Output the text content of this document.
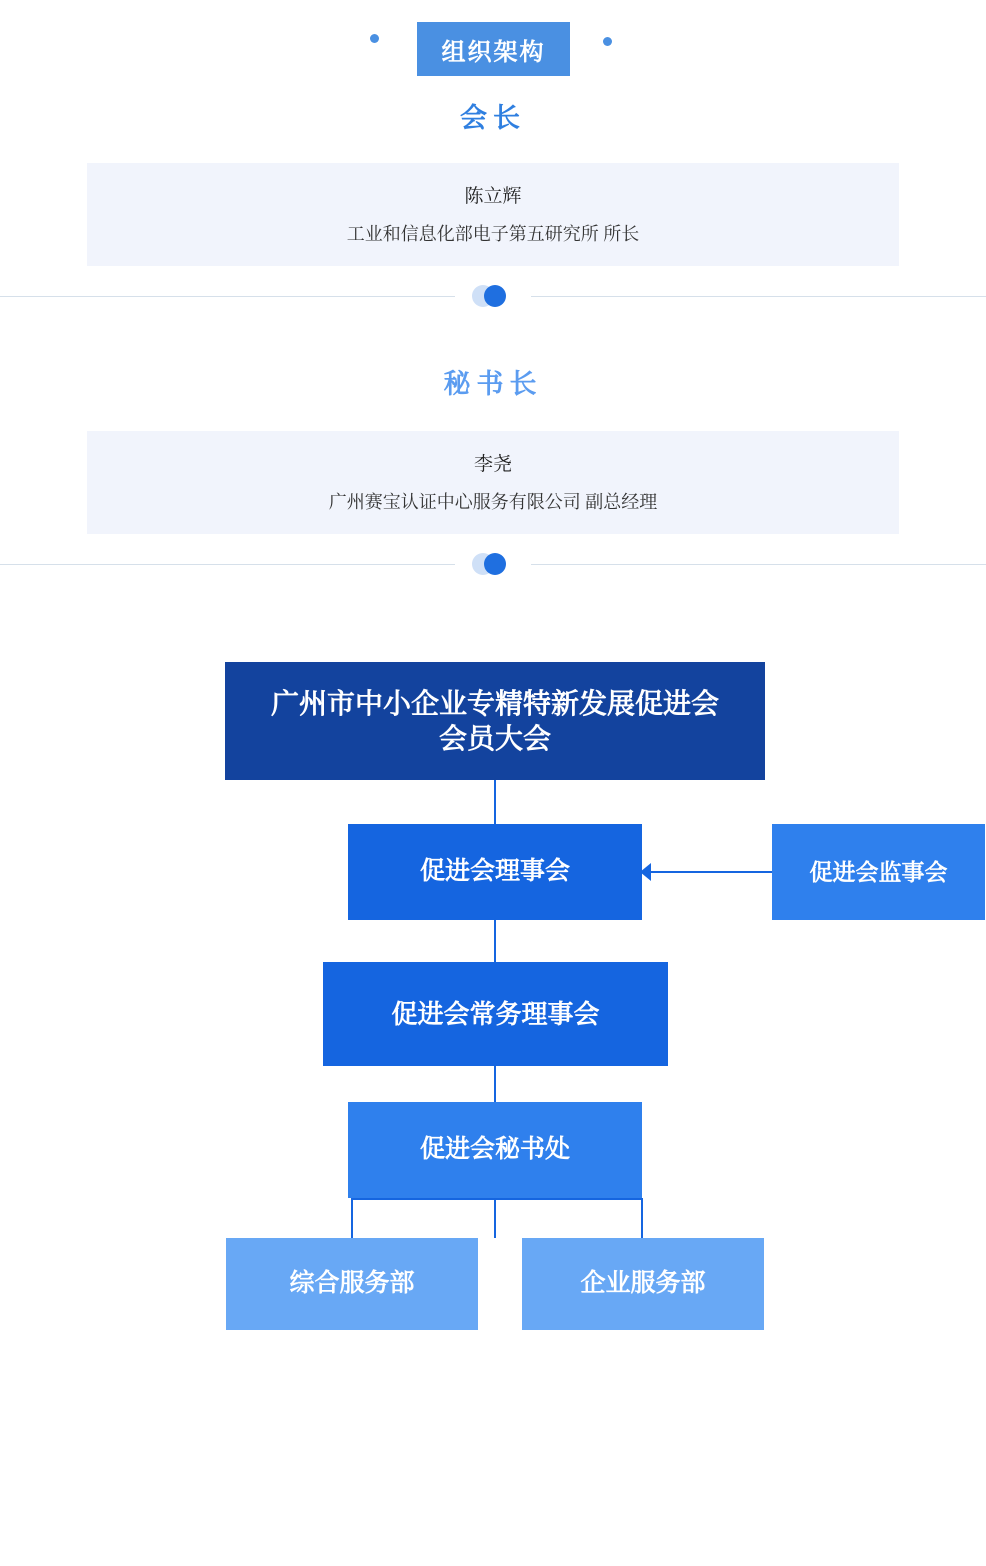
组织架构
会长
陈立辉
工业和信息化部电子第五研究所 所长
秘书长
李尧
广州赛宝认证中心服务有限公司 副总经理
广州市中小企业专精特新发展促进会
会员大会
促进会理事会	促进会监事会
促进会常务理事会
促进会秘书处
综合服务部	企业服务部
